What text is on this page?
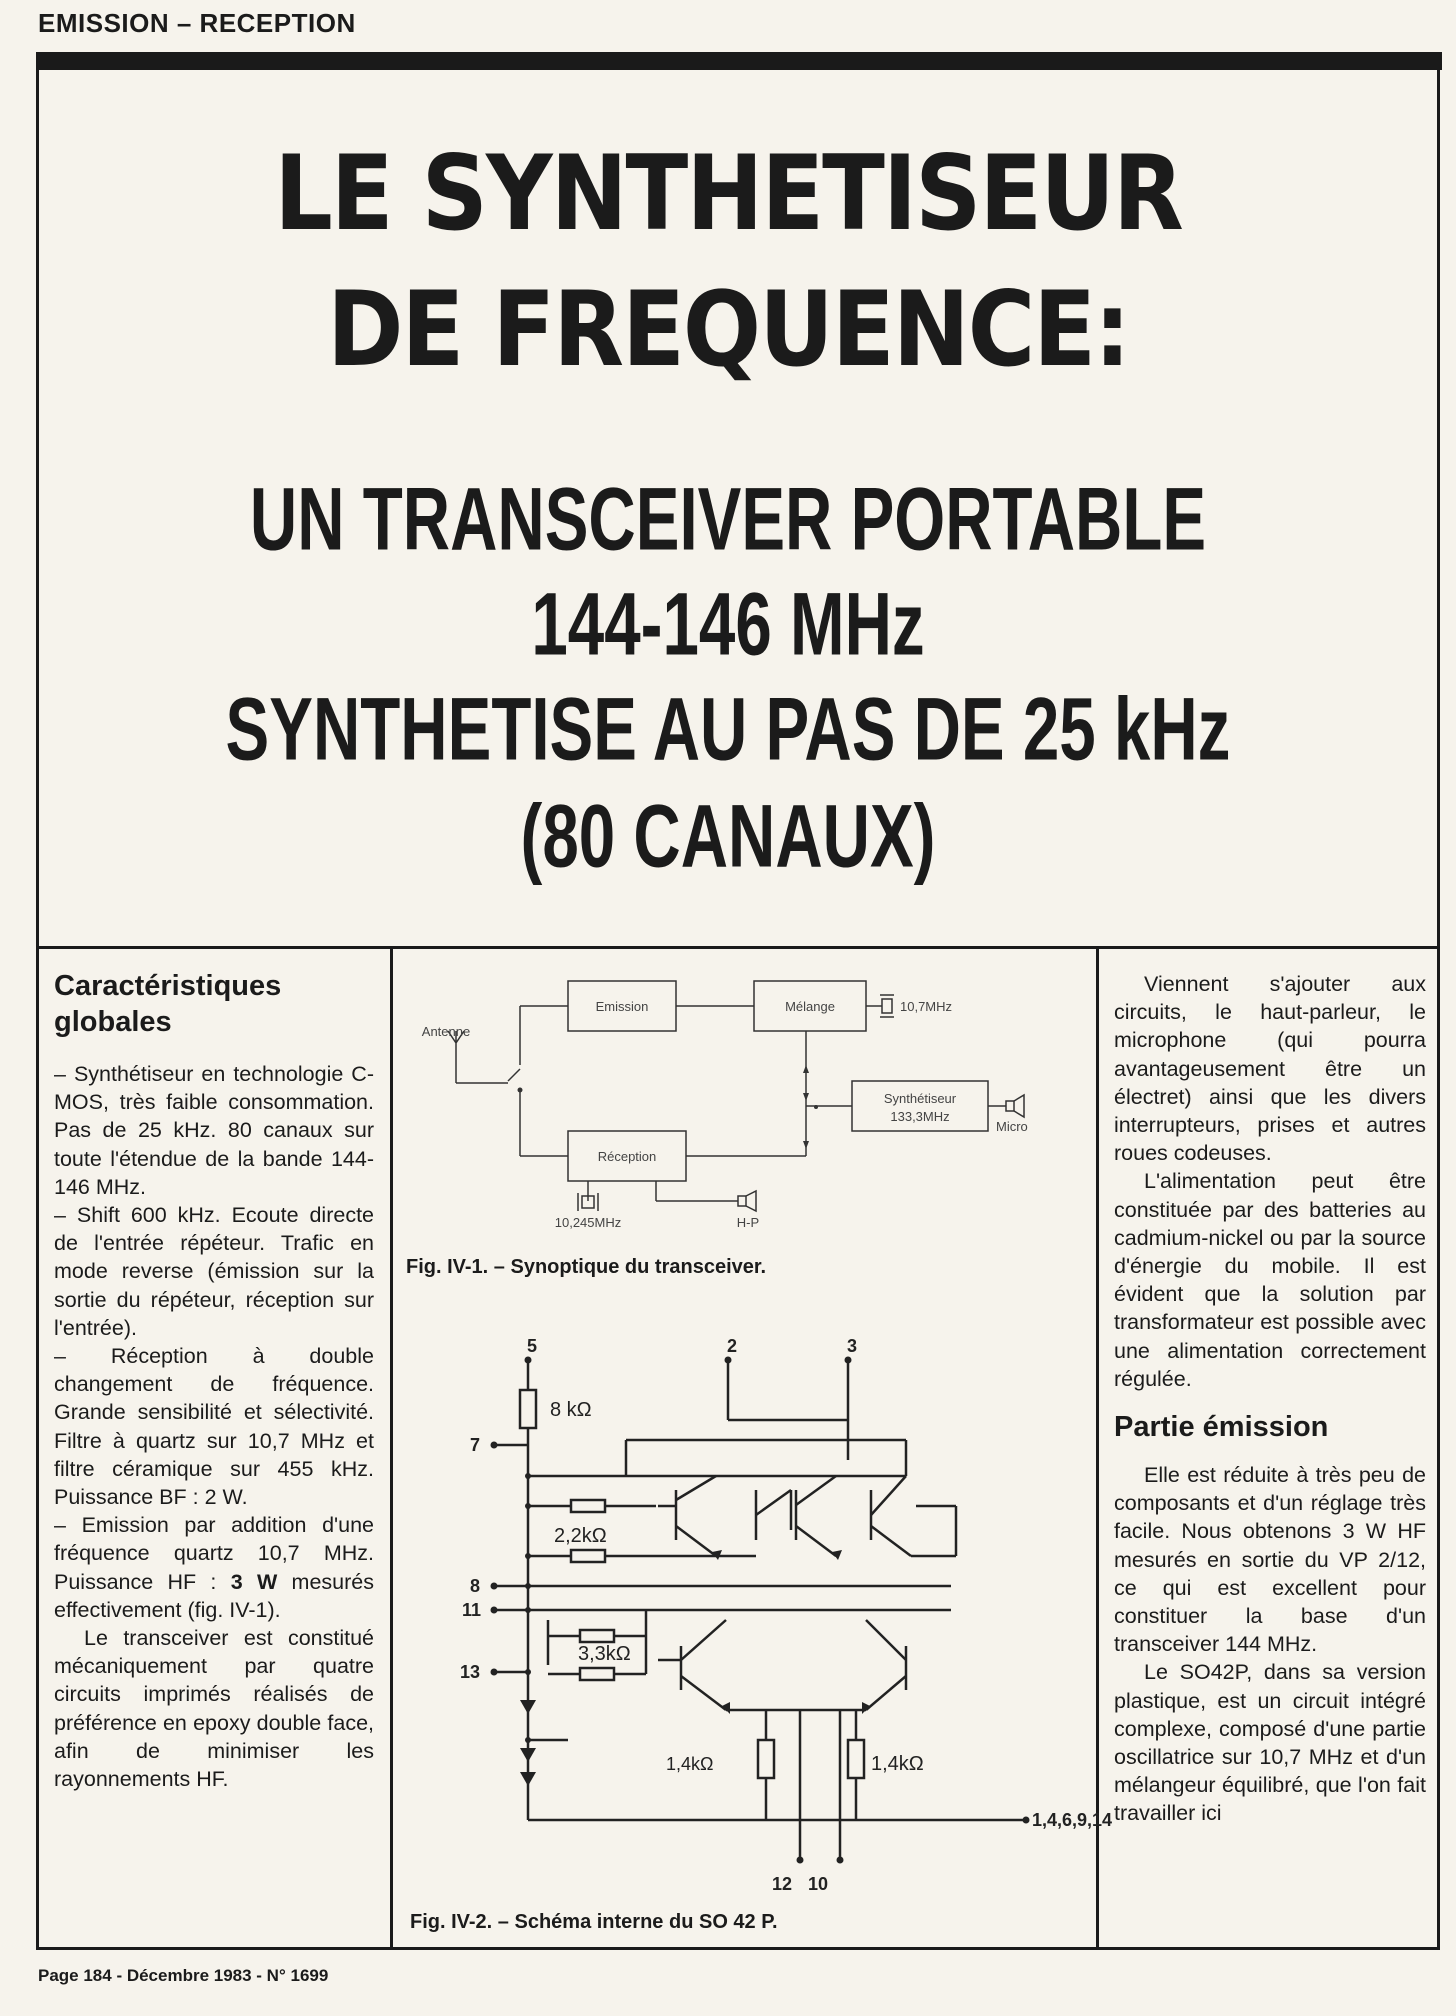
EMISSION – RECEPTION
LE SYNTHETISEUR
DE FREQUENCE:
UN TRANSCEIVER PORTABLE
144-146 MHz
SYNTHETISE AU PAS DE 25 kHz
(80 CANAUX)
Caractéristiques
globales

– Synthétiseur en technologie C-MOS, très faible consommation. Pas de 25 kHz. 80 canaux sur toute l'étendue de la bande 144-146 MHz.

– Shift 600 kHz. Ecoute directe de l'entrée répéteur. Trafic en mode reverse (émission sur la sortie du répéteur, réception sur l'entrée).

– Réception à double changement de fréquence. Grande sensibilité et sélectivité. Filtre à quartz sur 10,7 MHz et filtre céramique sur 455 kHz. Puissance BF : 2 W.

– Emission par addition d'une fréquence quartz 10,7 MHz. Puissance HF : 3 W mesurés effectivement (fig. IV-1).

Le transceiver est constitué mécaniquement par quatre circuits imprimés réalisés de préférence en epoxy double face, afin de minimiser les rayonnements HF.

Antenne
Emission	Mélange	10,7MHz
Synthétiseur
133,3MHz
Micro
Réception
10,245MHz	H-P
Fig. IV-1. – Synoptique du transceiver.
5	2	3
7
8
11
13
12 10
1,4,6,9,14
8 kΩ
2,2kΩ
3,3kΩ
1,4kΩ	1,4kΩ
Fig. IV-2. – Schéma interne du SO 42 P.

Viennent s'ajouter aux circuits, le haut-parleur, le microphone (qui pourra avantageusement être un électret) ainsi que les divers interrupteurs, prises et autres roues codeuses.

L'alimentation peut être constituée par des batteries au cadmium-nickel ou par la source d'énergie du mobile. Il est évident que la solution par transformateur est possible avec une alimentation correctement régulée.

Partie émission

Elle est réduite à très peu de composants et d'un réglage très facile. Nous obtenons 3 W HF mesurés en sortie du VP 2/12, ce qui est excellent pour constituer la base d'un transceiver 144 MHz.

Le SO42P, dans sa version plastique, est un circuit intégré complexe, composé d'une partie oscillatrice sur 10,7 MHz et d'un mélangeur équilibré, que l'on fait travailler ici

Page 184 - Décembre 1983 - N° 1699
